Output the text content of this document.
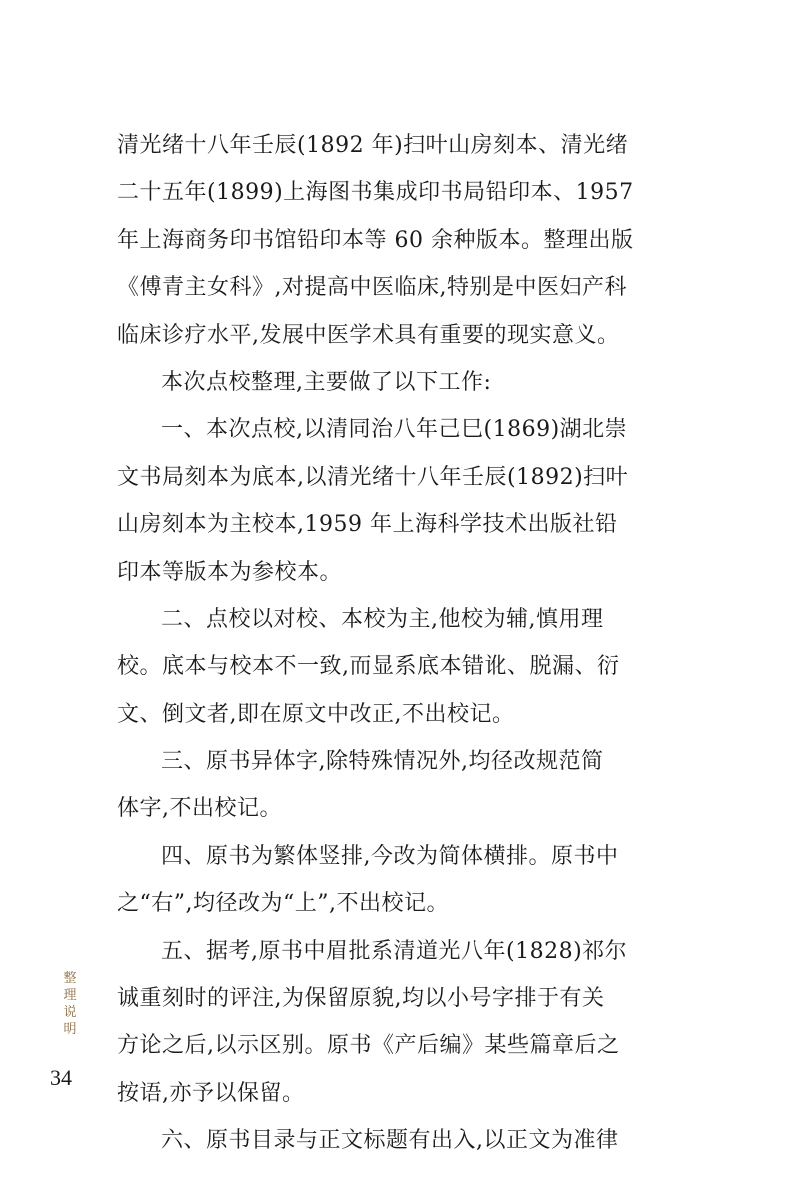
清光绪十八年壬辰(1892 年)扫叶山房刻本、清光绪
二十五年(1899)上海图书集成印书局铅印本、1957
年上海商务印书馆铅印本等 60 余种版本。整理出版
《傅青主女科》,对提高中医临床,特别是中医妇产科
临床诊疗水平,发展中医学术具有重要的现实意义。
本次点校整理,主要做了以下工作:
一、本次点校,以清同治八年己巳(1869)湖北崇
文书局刻本为底本,以清光绪十八年壬辰(1892)扫叶
山房刻本为主校本,1959 年上海科学技术出版社铅
印本等版本为参校本。
二、点校以对校、本校为主,他校为辅,慎用理
校。底本与校本不一致,而显系底本错讹、脱漏、衍
文、倒文者,即在原文中改正,不出校记。
三、原书异体字,除特殊情况外,均径改规范简
体字,不出校记。
四、原书为繁体竖排,今改为简体横排。原书中
之“右”,均径改为“上”,不出校记。
五、据考,原书中眉批系清道光八年(1828)祁尔
诚重刻时的评注,为保留原貌,均以小号字排于有关
方论之后,以示区别。原书《产后编》某些篇章后之
按语,亦予以保留。
六、原书目录与正文标题有出入,以正文为准律
整
理
说
明
34
